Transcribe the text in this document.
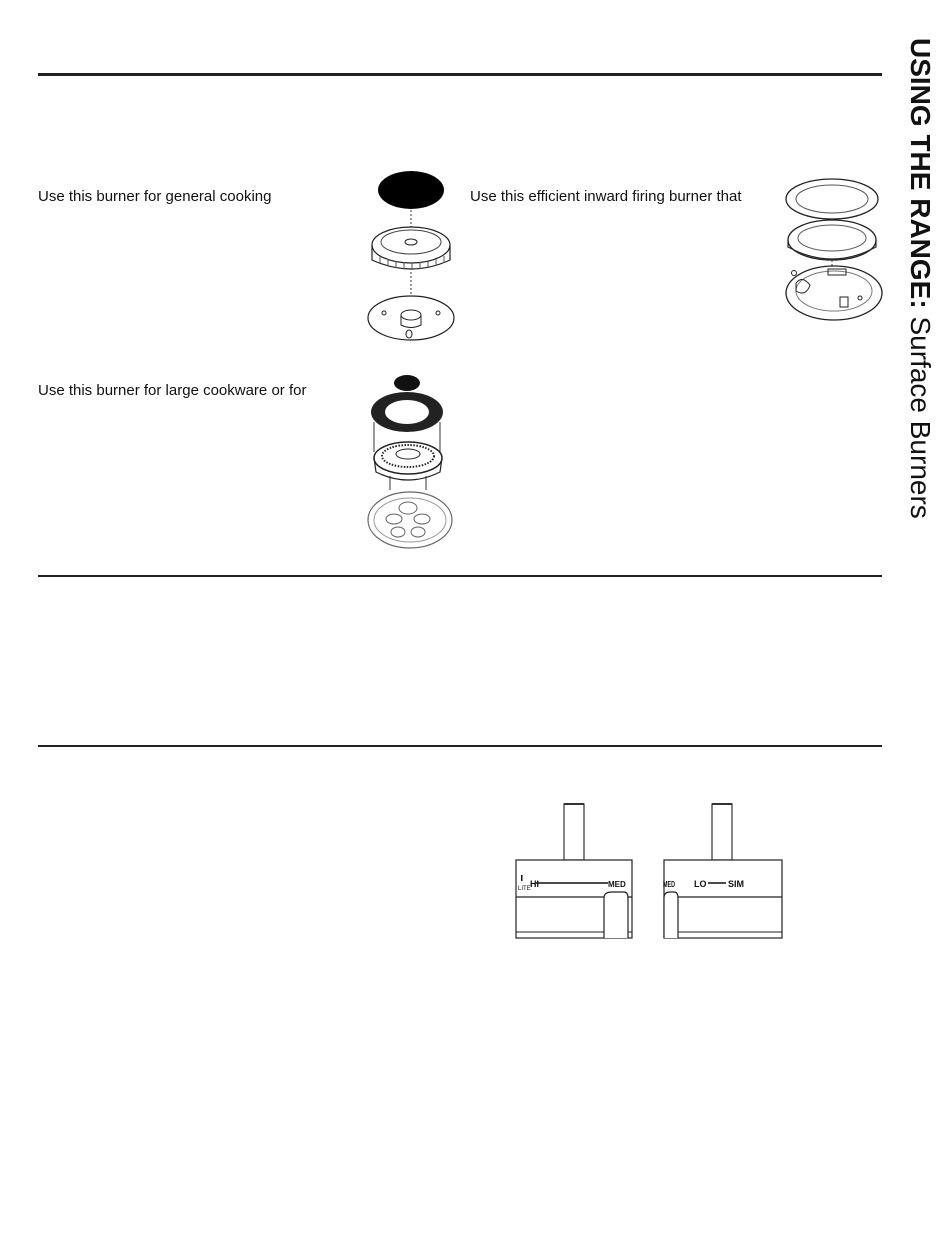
USING THE RANGE: Surface Burners
Use this burner for general cooking	Use this efficient inward firing burner that
Use this burner for large cookware or for
LITE HI	MED	MED LO SIM
